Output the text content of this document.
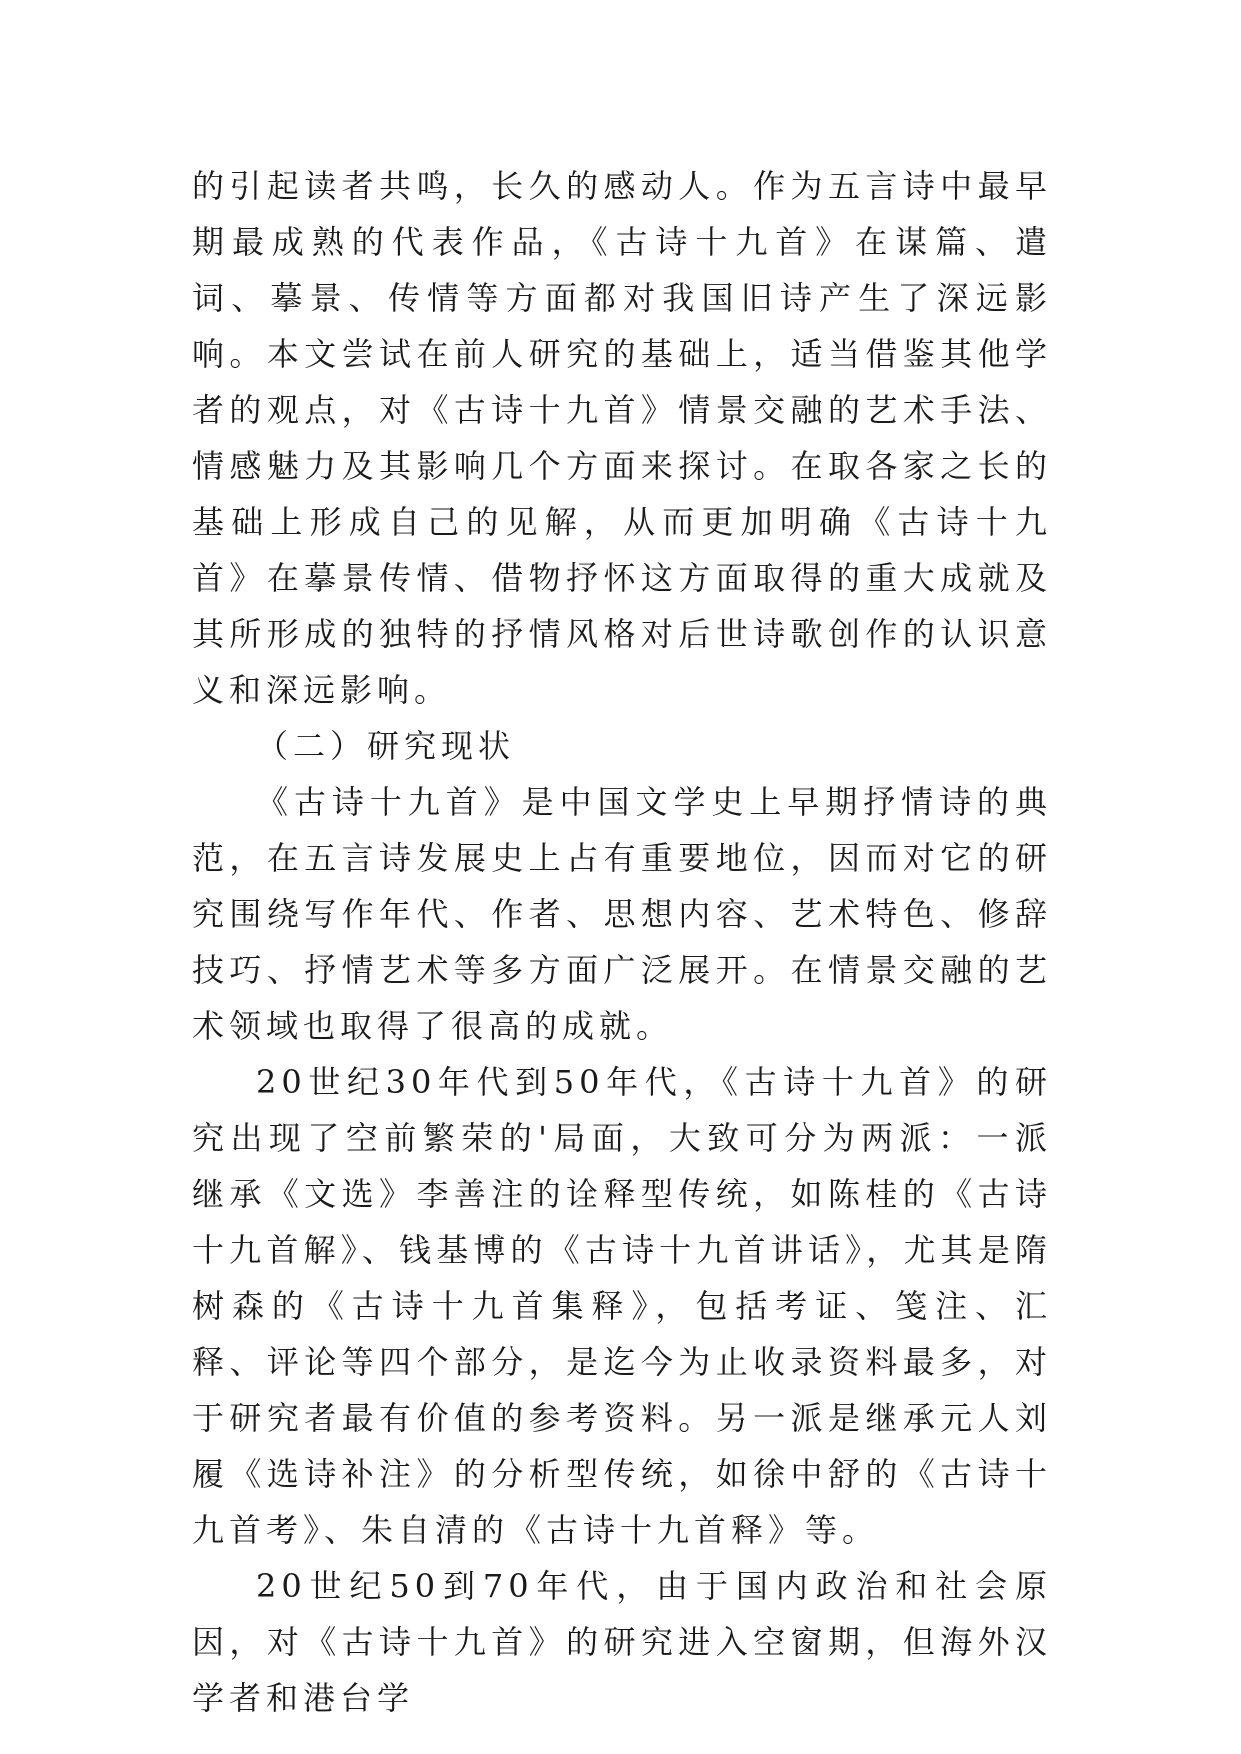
的引起读者共鸣，长久的感动人。作为五言诗中最早期最成熟的代表作品，《古诗十九首》在谋篇、遣词、摹景、传情等方面都对我国旧诗产生了深远影响。本文尝试在前人研究的基础上，适当借鉴其他学者的观点，对《古诗十九首》情景交融的艺术手法、情感魅力及其影响几个方面来探讨。在取各家之长的基础上形成自己的见解，从而更加明确《古诗十九首》在摹景传情、借物抒怀这方面取得的重大成就及其所形成的独特的抒情风格对后世诗歌创作的认识意义和深远影响。

（二）研究现状

《古诗十九首》是中国文学史上早期抒情诗的典范，在五言诗发展史上占有重要地位，因而对它的研究围绕写作年代、作者、思想内容、艺术特色、修辞技巧、抒情艺术等多方面广泛展开。在情景交融的艺术领域也取得了很高的成就。

20世纪30年代到50年代，《古诗十九首》的研究出现了空前繁荣的'局面，大致可分为两派：一派继承《文选》李善注的诠释型传统，如陈桂的《古诗十九首解》、钱基博的《古诗十九首讲话》，尤其是隋树森的《古诗十九首集释》，包括考证、笺注、汇释、评论等四个部分，是迄今为止收录资料最多，对于研究者最有价值的参考资料。另一派是继承元人刘履《选诗补注》的分析型传统，如徐中舒的《古诗十九首考》、朱自清的《古诗十九首释》等。

20世纪50到70年代，由于国内政治和社会原因，对《古诗十九首》的研究进入空窗期，但海外汉学者和港台学
